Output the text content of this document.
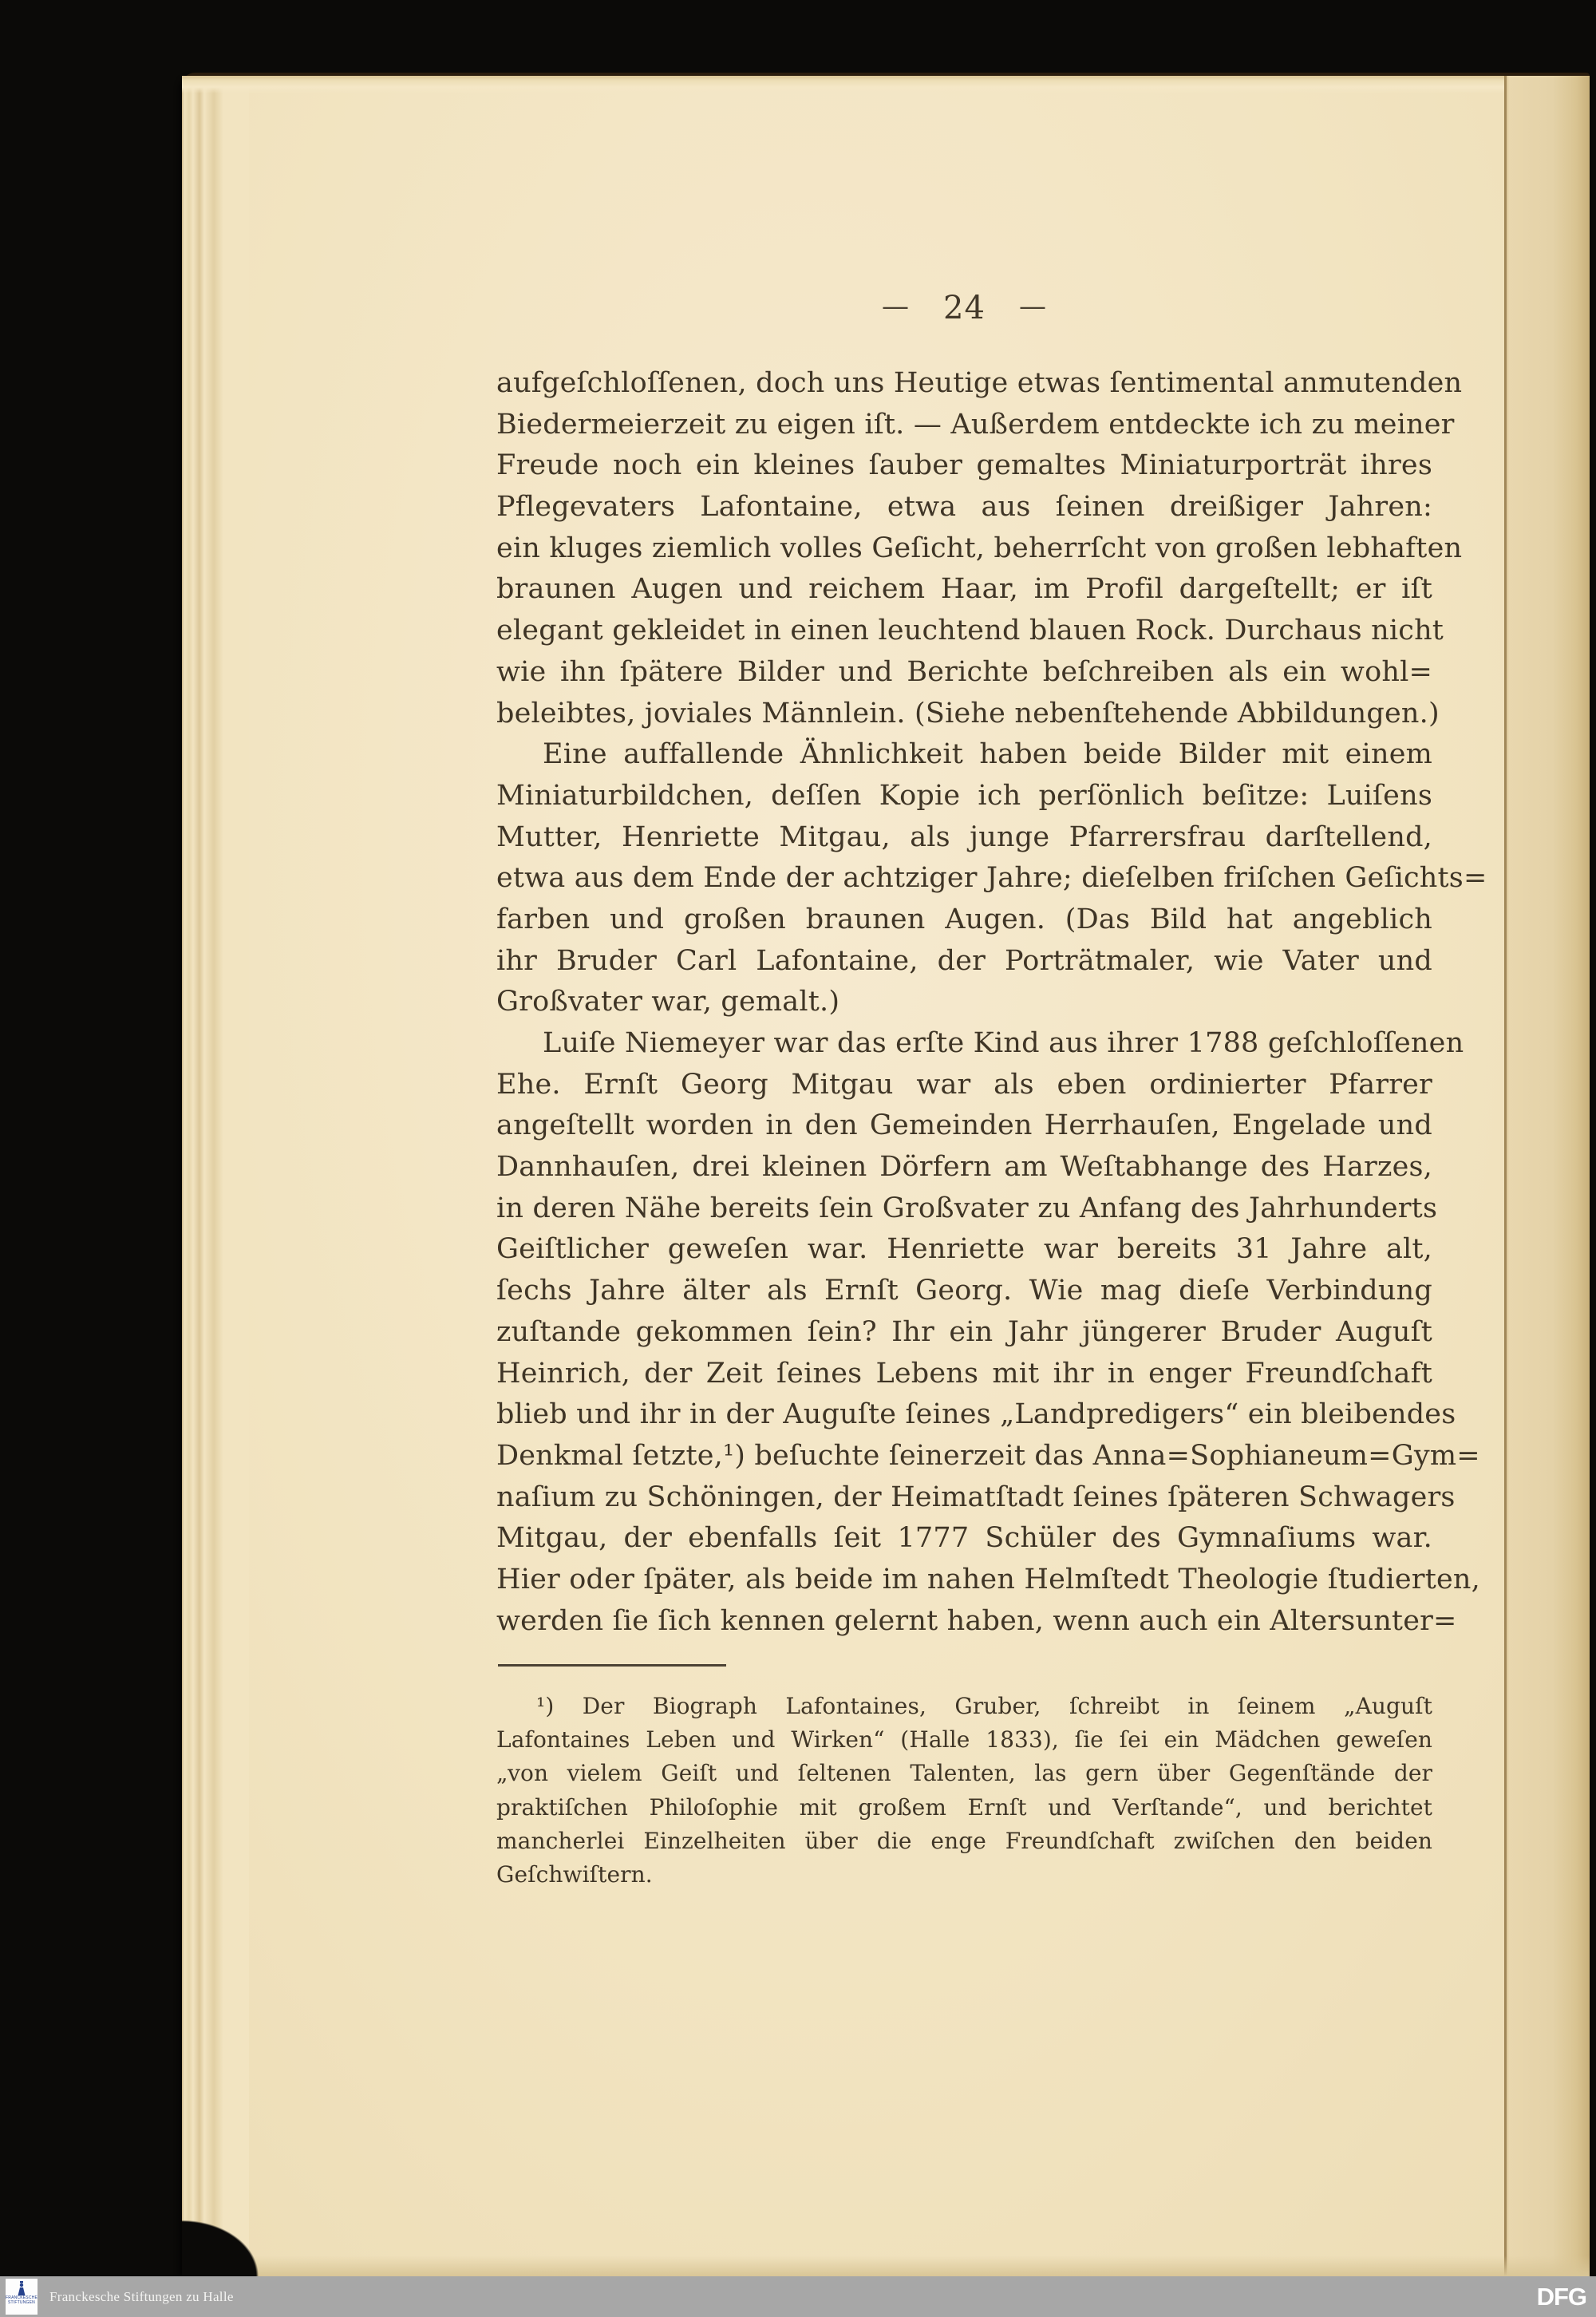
— 24 —
aufgeſchloſſenen, doch uns Heutige etwas ſentimental anmutenden
Biedermeierzeit zu eigen iſt. — Außerdem entdeckte ich zu meiner
Freude noch ein kleines ſauber gemaltes Miniaturporträt ihres
Pflegevaters Lafontaine, etwa aus ſeinen dreißiger Jahren:
ein kluges ziemlich volles Geſicht, beherrſcht von großen lebhaften
braunen Augen und reichem Haar, im Profil dargeſtellt; er iſt
elegant gekleidet in einen leuchtend blauen Rock. Durchaus nicht
wie ihn ſpätere Bilder und Berichte beſchreiben als ein wohl=
beleibtes, joviales Männlein. (Siehe nebenſtehende Abbildungen.)
Eine auffallende Ähnlichkeit haben beide Bilder mit einem
Miniaturbildchen, deſſen Kopie ich perſönlich beſitze: Luiſens
Mutter, Henriette Mitgau, als junge Pfarrersfrau darſtellend,
etwa aus dem Ende der achtziger Jahre; dieſelben friſchen Geſichts=
farben und großen braunen Augen. (Das Bild hat angeblich
ihr Bruder Carl Lafontaine, der Porträtmaler, wie Vater und
Großvater war, gemalt.)
Luiſe Niemeyer war das erſte Kind aus ihrer 1788 geſchloſſenen
Ehe. Ernſt Georg Mitgau war als eben ordinierter Pfarrer
angeſtellt worden in den Gemeinden Herrhauſen, Engelade und
Dannhauſen, drei kleinen Dörfern am Weſtabhange des Harzes,
in deren Nähe bereits ſein Großvater zu Anfang des Jahrhunderts
Geiſtlicher geweſen war. Henriette war bereits 31 Jahre alt,
ſechs Jahre älter als Ernſt Georg. Wie mag dieſe Verbindung
zuſtande gekommen ſein? Ihr ein Jahr jüngerer Bruder Auguſt
Heinrich, der Zeit ſeines Lebens mit ihr in enger Freundſchaft
blieb und ihr in der Auguſte ſeines „Landpredigers“ ein bleibendes
Denkmal ſetzte,¹) beſuchte ſeinerzeit das Anna=Sophianeum=Gym=
naſium zu Schöningen, der Heimatſtadt ſeines ſpäteren Schwagers
Mitgau, der ebenfalls ſeit 1777 Schüler des Gymnaſiums war.
Hier oder ſpäter, als beide im nahen Helmſtedt Theologie ſtudierten,
werden ſie ſich kennen gelernt haben, wenn auch ein Altersunter=
¹) Der Biograph Lafontaines, Gruber, ſchreibt in ſeinem „Auguſt
Lafontaines Leben und Wirken“ (Halle 1833), ſie ſei ein Mädchen geweſen
„von vielem Geiſt und ſeltenen Talenten, las gern über Gegenſtände der
praktiſchen Philoſophie mit großem Ernſt und Verſtande“, und berichtet
mancherlei Einzelheiten über die enge Freundſchaft zwiſchen den beiden
Geſchwiſtern.
FRANCKESCHE
STIFTUNGEN Franckesche Stiftungen zu Halle	DFG
